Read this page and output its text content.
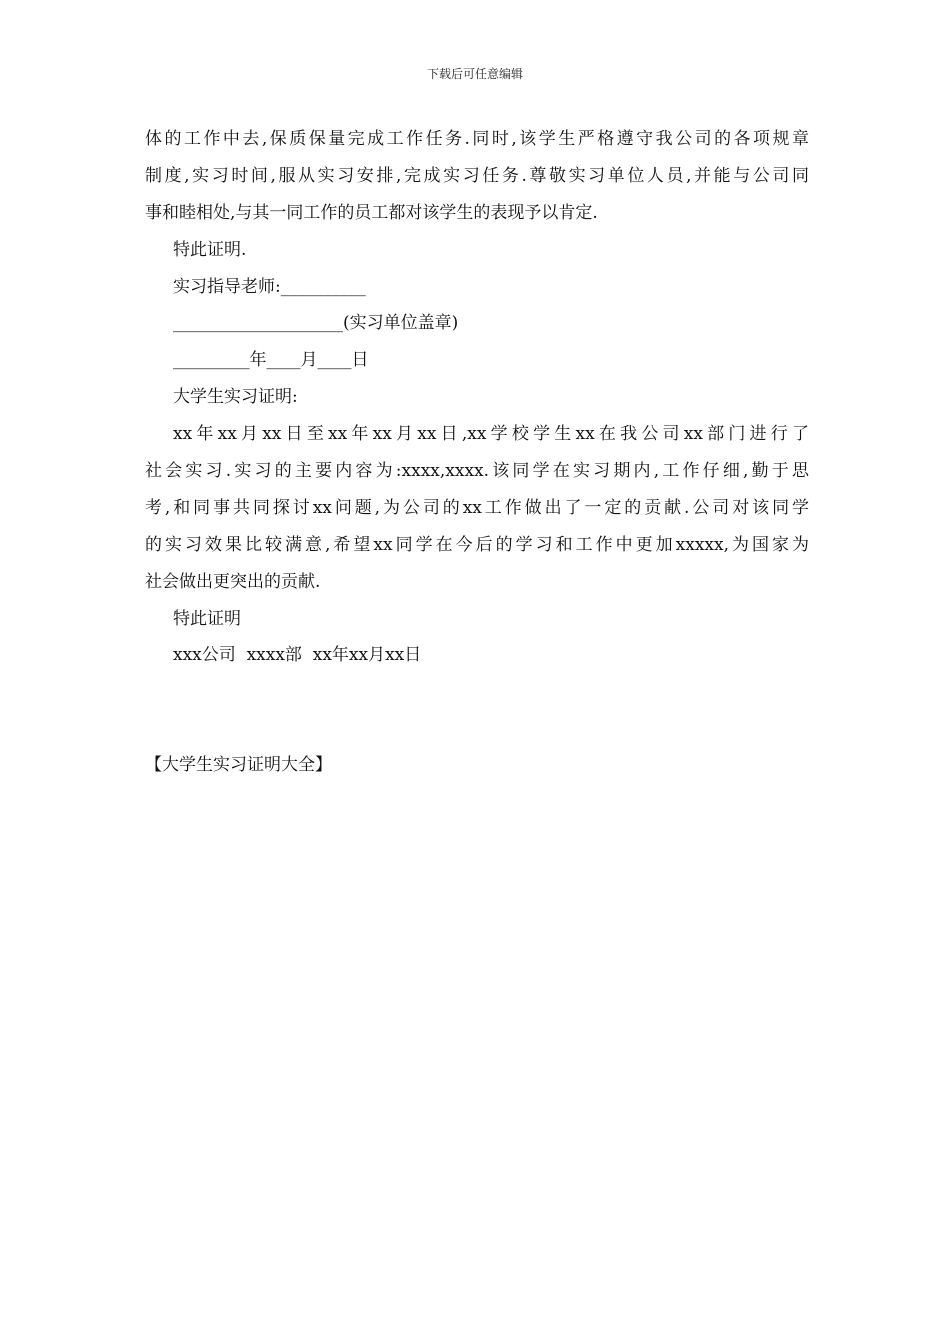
下载后可任意编辑
体的工作中去,保质保量完成工作任务.同时,该学生严格遵守我公司的各项规章
制度,实习时间,服从实习安排,完成实习任务.尊敬实习单位人员,并能与公司同
事和睦相处,与其一同工作的员工都对该学生的表现予以肯定.
特此证明.
实习指导老师:__________
____________________(实习单位盖章)
_________年____月____日
大学生实习证明:
xx年xx月xx日至xx年xx月xx日,xx学校学生xx在我公司xx部门进行了
社会实习.实习的主要内容为:xxxx,xxxx.该同学在实习期内,工作仔细,勤于思
考,和同事共同探讨xx问题,为公司的xx工作做出了一定的贡献.公司对该同学
的实习效果比较满意,希望xx同学在今后的学习和工作中更加xxxxx,为国家为
社会做出更突出的贡献.
特此证明
xxx公司  xxxx部  xx年xx月xx日
【大学生实习证明大全】
